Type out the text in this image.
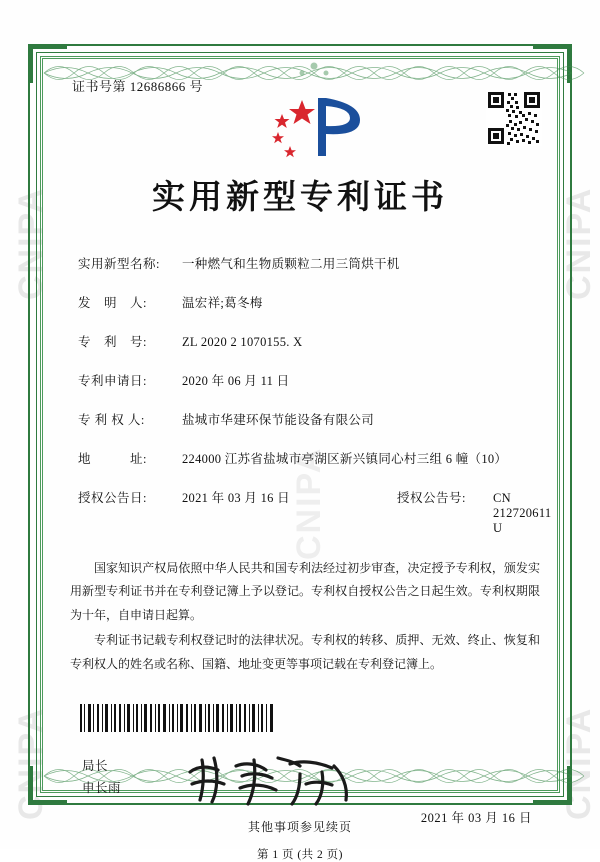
CNIPA
CNIPA
CNIPA
CNIPA
CNIPA
证书号第 12686866 号
实用新型专利证书
实用新型名称:	一种燃气和生物质颗粒二用三筒烘干机
发　明　人:	温宏祥;葛冬梅
专　利　号:	ZL 2020 2 1070155. X
专利申请日:	2020 年 06 月 11 日
专 利 权 人:	盐城市华建环保节能设备有限公司
地　　　址:	224000 江苏省盐城市亭湖区新兴镇同心村三组 6 幢（10）
授权公告日:	2021 年 03 月 16 日	授权公告号:	CN 212720611 U

国家知识产权局依照中华人民共和国专利法经过初步审查，决定授予专利权，颁发实用新型专利证书并在专利登记簿上予以登记。专利权自授权公告之日起生效。专利权期限为十年，自申请日起算。

专利证书记载专利权登记时的法律状况。专利权的转移、质押、无效、终止、恢复和专利权人的姓名或名称、国籍、地址变更等事项记载在专利登记簿上。

局长
申长雨
2021 年 03 月 16 日
第 1 页 (共 2 页)
其他事项参见续页
